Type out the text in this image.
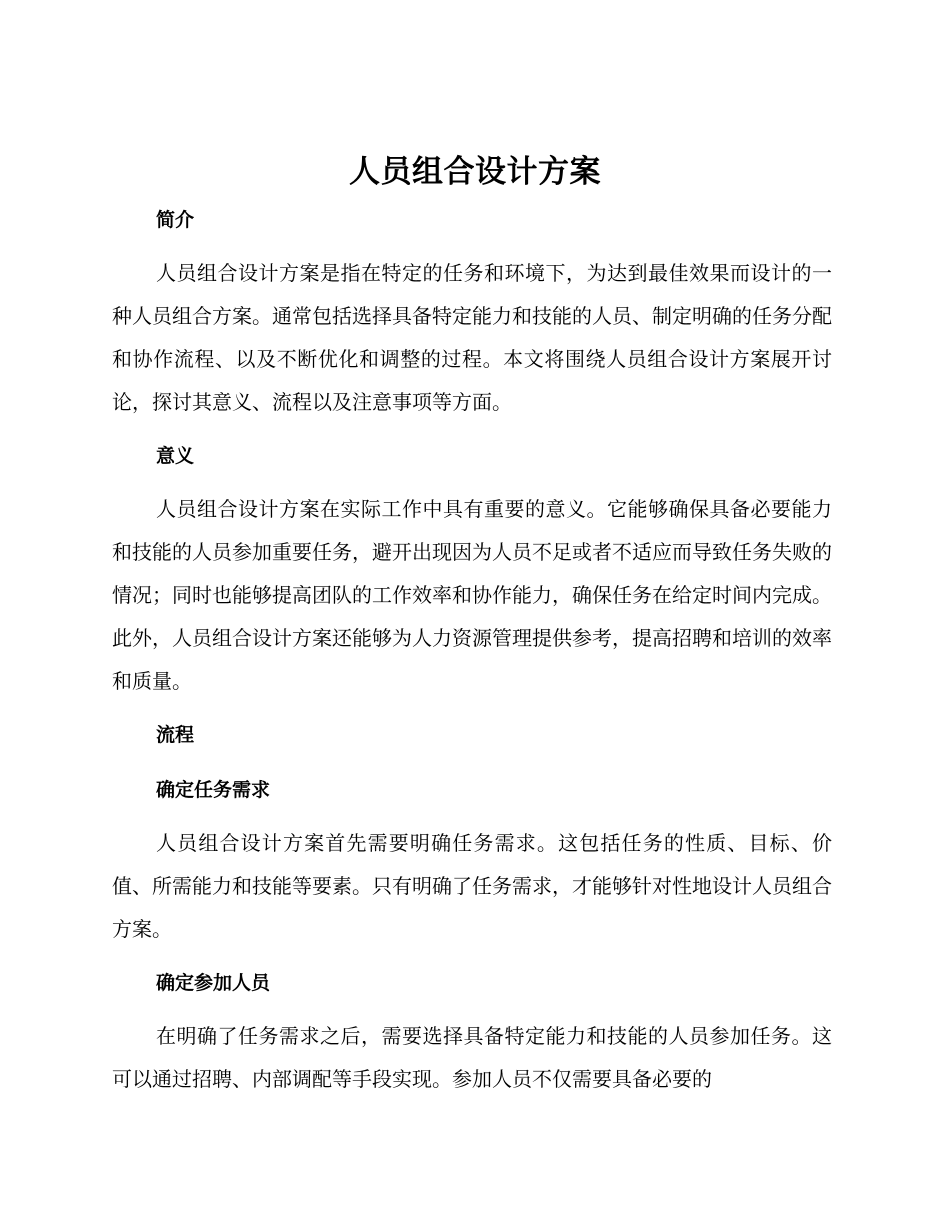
人员组合设计方案
简介

人员组合设计方案是指在特定的任务和环境下，为达到最佳效果而设计的一种人员组合方案。通常包括选择具备特定能力和技能的人员、制定明确的任务分配和协作流程、以及不断优化和调整的过程。本文将围绕人员组合设计方案展开讨论，探讨其意义、流程以及注意事项等方面。

意义

人员组合设计方案在实际工作中具有重要的意义。它能够确保具备必要能力和技能的人员参加重要任务，避开出现因为人员不足或者不适应而导致任务失败的情况；同时也能够提高团队的工作效率和协作能力，确保任务在给定时间内完成。此外，人员组合设计方案还能够为人力资源管理提供参考，提高招聘和培训的效率和质量。

流程
确定任务需求

人员组合设计方案首先需要明确任务需求。这包括任务的性质、目标、价值、所需能力和技能等要素。只有明确了任务需求，才能够针对性地设计人员组合方案。

确定参加人员

在明确了任务需求之后，需要选择具备特定能力和技能的人员参加任务。这可以通过招聘、内部调配等手段实现。参加人员不仅需要具备必要的
